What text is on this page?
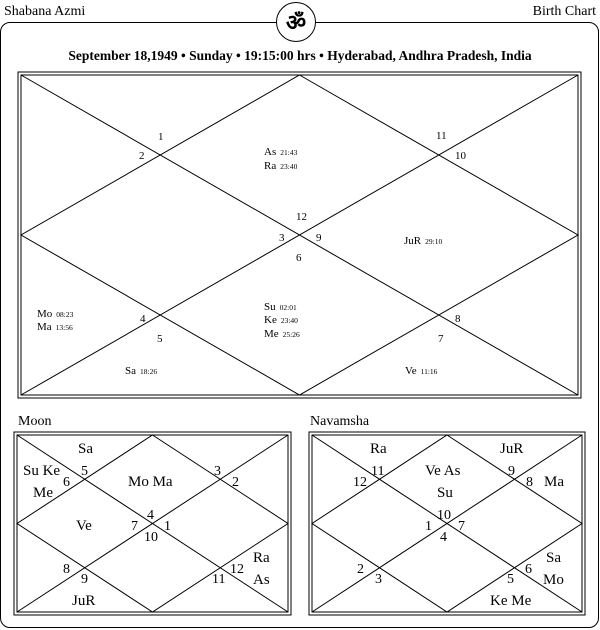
Shabana Azmi	Birth Chart
ॐ
September 18,1949 • Sunday • 19:15:00 hrs • Hyderabad, Andhra Pradesh, India
1
2
11
10
12
3	9
6
4
5
8
7
As 21:43
Ra 23:40
JuR 29:10
Su 02:01
Ke 23:40
Me 25:26
Mo 08:23
Ma 13:56
Sa 18:26	Ve 11:16
Moon
5
6
3
2
4
7 1
10
8
9	11
12
Sa
Su Ke
Me
Mo Ma
Ve
Ra
As
JuR
Navamsha
11
12
9
8
10
1 7
4
2
3
6
5
Ra	JuR
Ve As
Su
Ma
Sa
Mo
Ke Me
